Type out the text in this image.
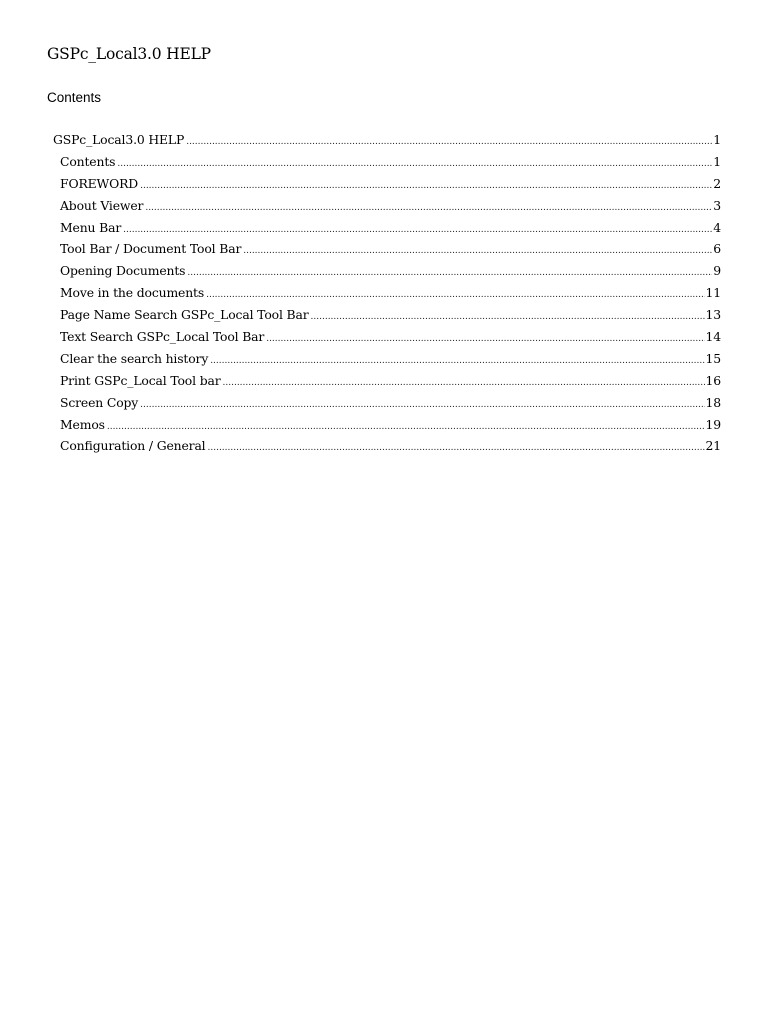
GSPc_Local3.0 HELP
Contents
GSPc_Local3.0 HELP .....	1
Contents .....	1
FOREWORD .....	2
About Viewer .....	3
Menu Bar .....	4
Tool Bar / Document Tool Bar .....	6
Opening Documents .....	9
Move in the documents .....	11
Page Name Search GSPc_Local Tool Bar .....	13
Text Search GSPc_Local Tool Bar .....	14
Clear the search history .....	15
Print GSPc_Local Tool bar .....	16
Screen Copy .....	18
Memos .....	19
Configuration / General .....	21
